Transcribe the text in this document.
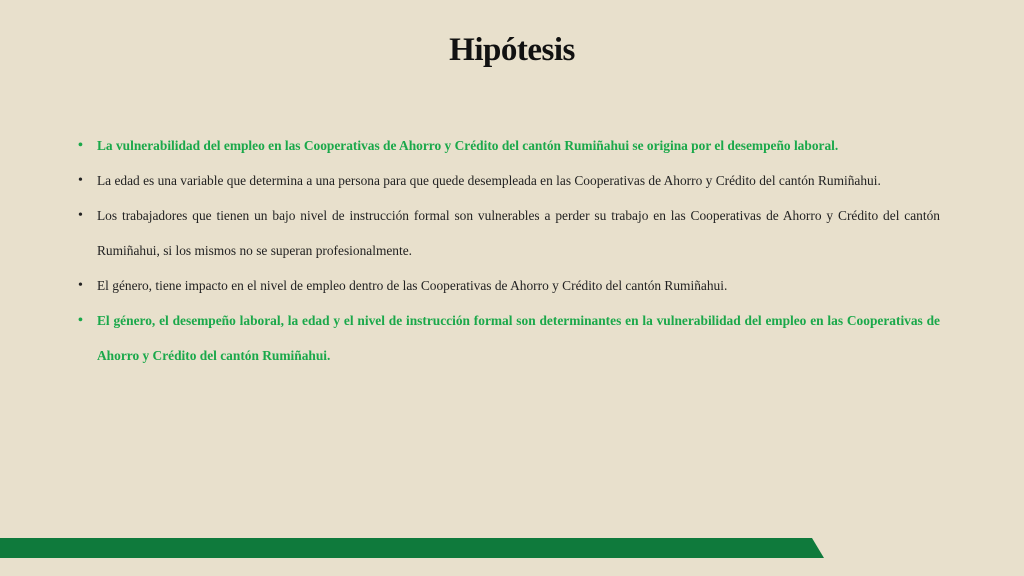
Hipótesis
• La vulnerabilidad del empleo en las Cooperativas de Ahorro y Crédito del cantón Rumiñahui se origina por el desempeño laboral.
• La edad es una variable que determina a una persona para que quede desempleada en las Cooperativas de Ahorro y Crédito del cantón Rumiñahui.
• Los trabajadores que tienen un bajo nivel de instrucción formal son vulnerables a perder su trabajo en las Cooperativas de Ahorro y Crédito del cantón Rumiñahui, si los mismos no se superan profesionalmente.
• El género, tiene impacto en el nivel de empleo dentro de las Cooperativas de Ahorro y Crédito del cantón Rumiñahui.
• El género, el desempeño laboral, la edad y el nivel de instrucción formal son determinantes en la vulnerabilidad del empleo en las Cooperativas de Ahorro y Crédito del cantón Rumiñahui.
